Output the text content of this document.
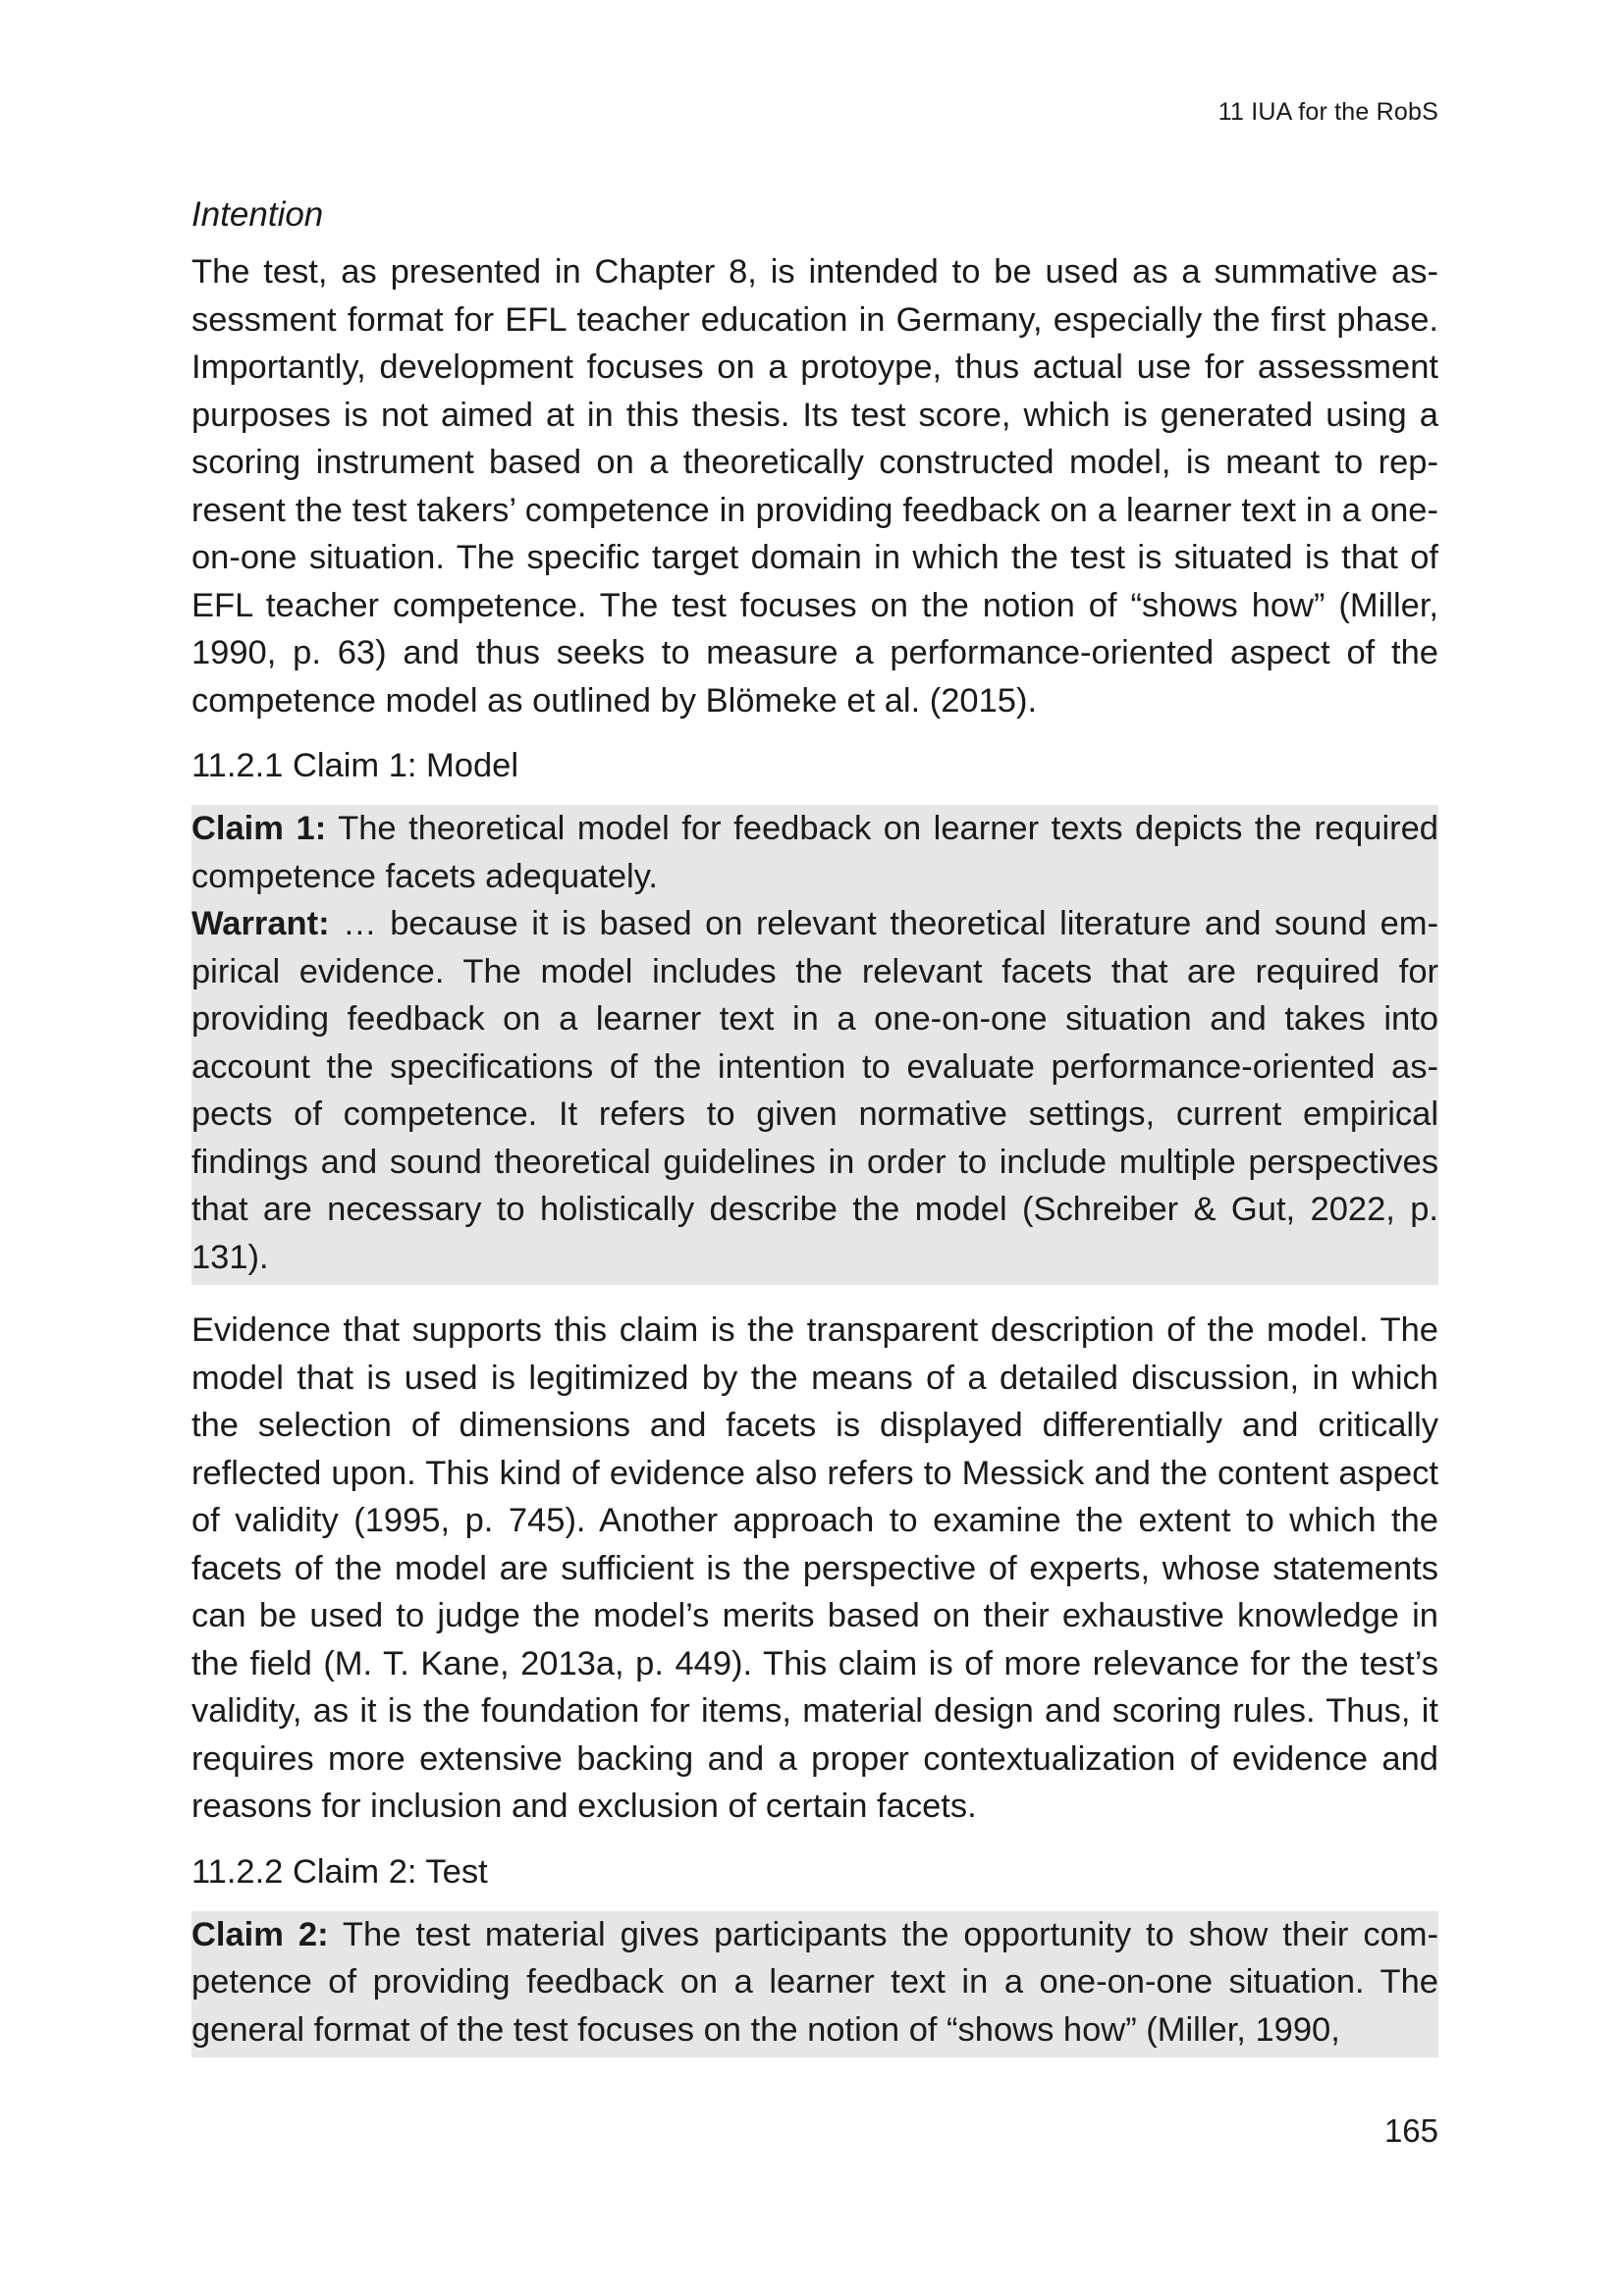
11 IUA for the RobS

Intention

The test, as presented in Chapter 8, is intended to be used as a summative assessment format for EFL teacher education in Germany, especially the first phase. Importantly, development focuses on a protoype, thus actual use for assessment purposes is not aimed at in this thesis. Its test score, which is generated using a scoring instrument based on a theoretically constructed model, is meant to represent the test takers’ competence in providing feedback on a learner text in a one-on-one situation. The specific target domain in which the test is situated is that of EFL teacher competence. The test focuses on the notion of “shows how” (Miller, 1990, p. 63) and thus seeks to measure a performance-oriented aspect of the competence model as outlined by Blömeke et al. (2015).

11.2.1 Claim 1: Model

Claim 1: The theoretical model for feedback on learner texts depicts the required competence facets adequately.

Warrant: … because it is based on relevant theoretical literature and sound empirical evidence. The model includes the relevant facets that are required for providing feedback on a learner text in a one-on-one situation and takes into account the specifications of the intention to evaluate performance-oriented aspects of competence. It refers to given normative settings, current empirical findings and sound theoretical guidelines in order to include multiple perspectives that are necessary to holistically describe the model (Schreiber & Gut, 2022, p. 131).

Evidence that supports this claim is the transparent description of the model. The model that is used is legitimized by the means of a detailed discussion, in which the selection of dimensions and facets is displayed differentially and critically reflected upon. This kind of evidence also refers to Messick and the content aspect of validity (1995, p. 745). Another approach to examine the extent to which the facets of the model are sufficient is the perspective of experts, whose statements can be used to judge the model’s merits based on their exhaustive knowledge in the field (M. T. Kane, 2013a, p. 449). This claim is of more relevance for the test’s validity, as it is the foundation for items, material design and scoring rules. Thus, it requires more extensive backing and a proper contextualization of evidence and reasons for inclusion and exclusion of certain facets.

11.2.2 Claim 2: Test

Claim 2: The test material gives participants the opportunity to show their competence of providing feedback on a learner text in a one-on-one situation. The general format of the test focuses on the notion of “shows how” (Miller, 1990,

165
